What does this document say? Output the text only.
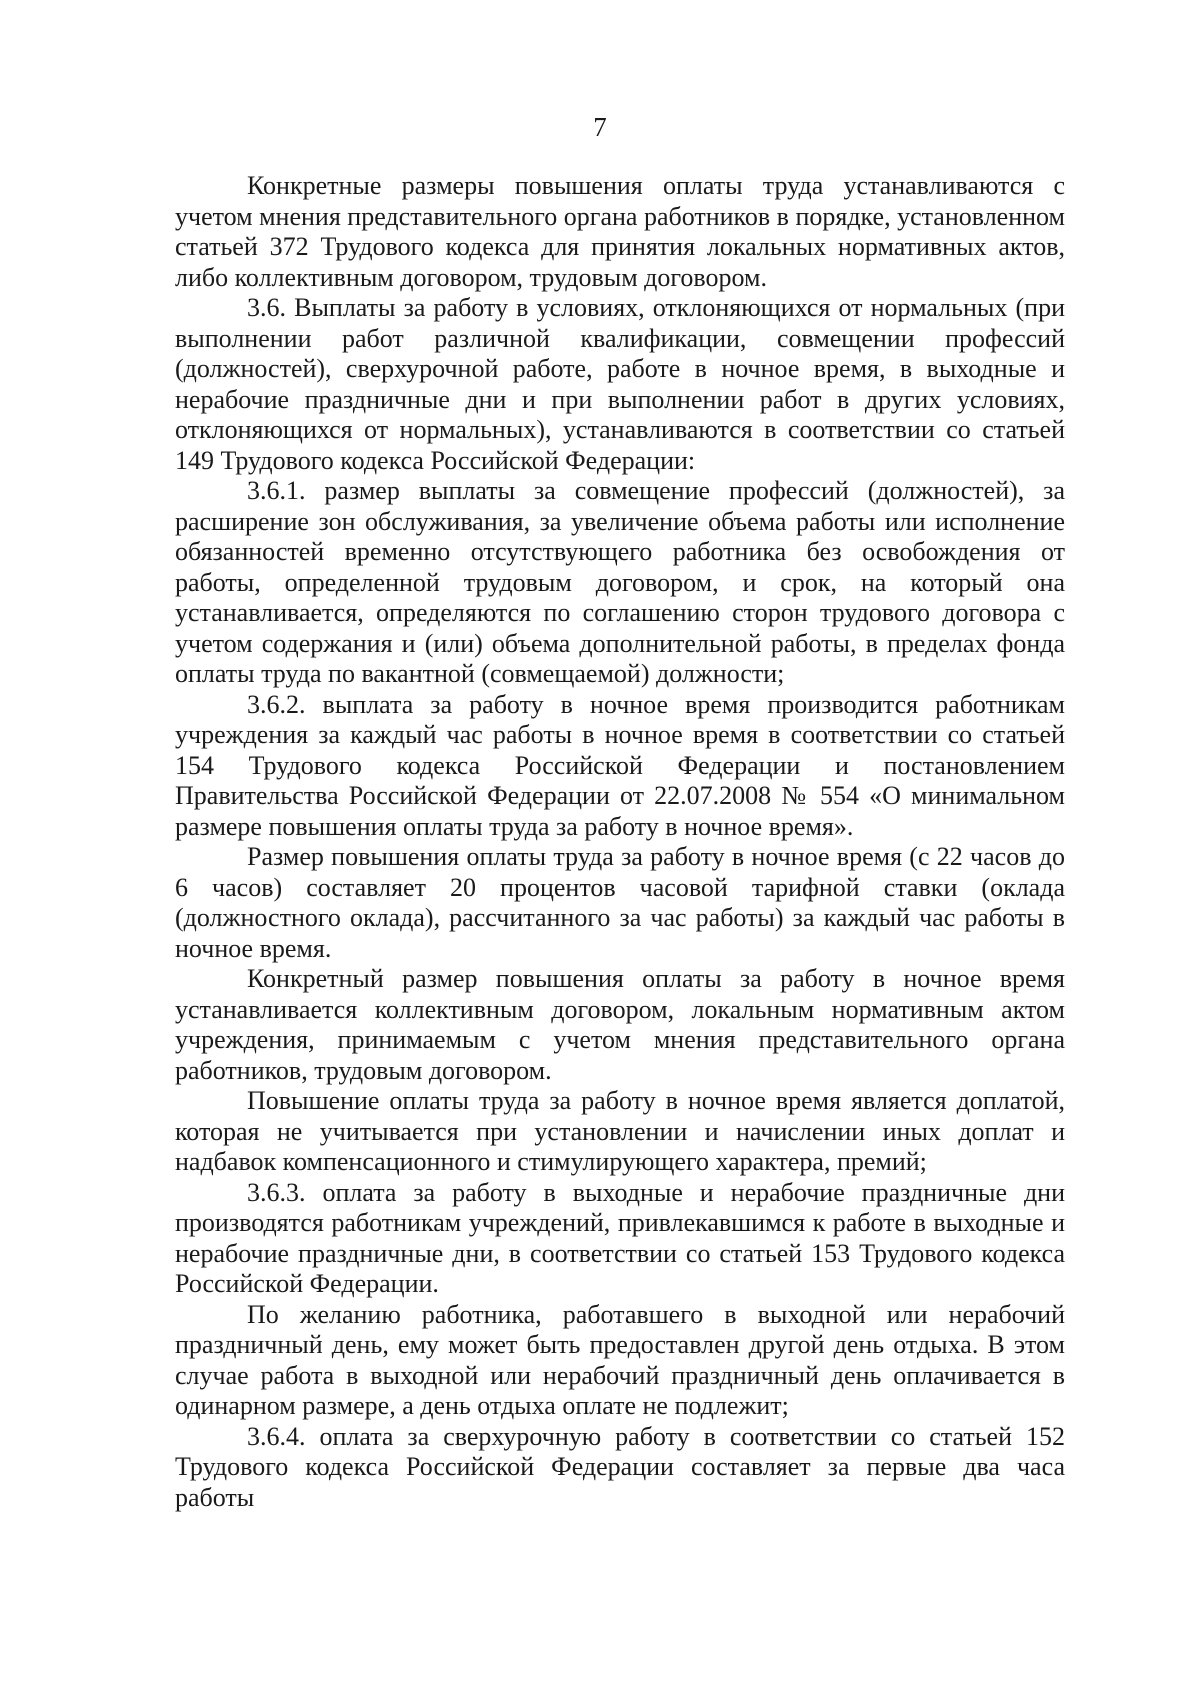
7

Конкретные размеры повышения оплаты труда устанавливаются с учетом мнения представительного органа работников в порядке, установленном статьей 372 Трудового кодекса для принятия локальных нормативных актов, либо коллективным договором, трудовым договором.

3.6. Выплаты за работу в условиях, отклоняющихся от нормальных (при выполнении работ различной квалификации, совмещении профессий (должностей), сверхурочной работе, работе в ночное время, в выходные и нерабочие праздничные дни и при выполнении работ в других условиях, отклоняющихся от нормальных), устанавливаются в соответствии со статьей 149 Трудового кодекса Российской Федерации:

3.6.1. размер выплаты за совмещение профессий (должностей), за расширение зон обслуживания, за увеличение объема работы или исполнение обязанностей временно отсутствующего работника без освобождения от работы, определенной трудовым договором, и срок, на который она устанавливается, определяются по соглашению сторон трудового договора с учетом содержания и (или) объема дополнительной работы, в пределах фонда оплаты труда по вакантной (совмещаемой) должности;

3.6.2. выплата за работу в ночное время производится работникам учреждения за каждый час работы в ночное время в соответствии со статьей 154 Трудового кодекса Российской Федерации и постановлением Правительства Российской Федерации от 22.07.2008 № 554 «О минимальном размере повышения оплаты труда за работу в ночное время».

Размер повышения оплаты труда за работу в ночное время (с 22 часов до 6 часов) составляет 20 процентов часовой тарифной ставки (оклада (должностного оклада), рассчитанного за час работы) за каждый час работы в ночное время.

Конкретный размер повышения оплаты за работу в ночное время устанавливается коллективным договором, локальным нормативным актом учреждения, принимаемым с учетом мнения представительного органа работников, трудовым договором.

Повышение оплаты труда за работу в ночное время является доплатой, которая не учитывается при установлении и начислении иных доплат и надбавок компенсационного и стимулирующего характера, премий;

3.6.3. оплата за работу в выходные и нерабочие праздничные дни производятся работникам учреждений, привлекавшимся к работе в выходные и нерабочие праздничные дни, в соответствии со статьей 153 Трудового кодекса Российской Федерации.

По желанию работника, работавшего в выходной или нерабочий праздничный день, ему может быть предоставлен другой день отдыха. В этом случае работа в выходной или нерабочий праздничный день оплачивается в одинарном размере, а день отдыха оплате не подлежит;

3.6.4. оплата за сверхурочную работу в соответствии со статьей 152 Трудового кодекса Российской Федерации составляет за первые два часа работы
